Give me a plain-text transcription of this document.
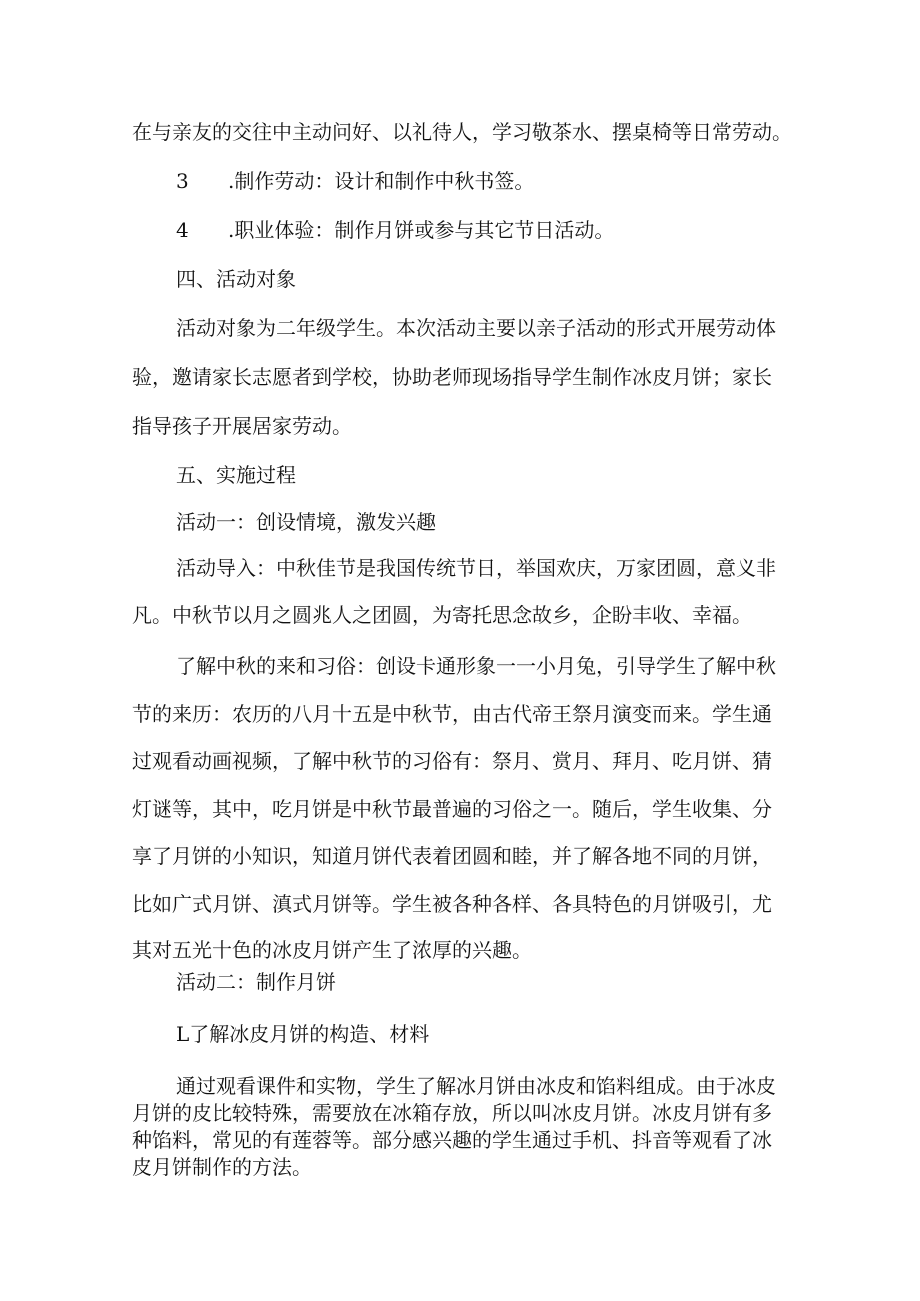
在与亲友的交往中主动问好、以礼待人，学习敬茶水、摆桌椅等日常劳动。

3 .制作劳动：设计和制作中秋书签。

4 .职业体验：制作月饼或参与其它节日活动。

四、活动对象

活动对象为二年级学生。本次活动主要以亲子活动的形式开展劳动体

验，邀请家长志愿者到学校，协助老师现场指导学生制作冰皮月饼；家长

指导孩子开展居家劳动。

五、实施过程

活动一：创设情境，激发兴趣

活动导入：中秋佳节是我国传统节日，举国欢庆，万家团圆，意义非

凡。中秋节以月之圆兆人之团圆，为寄托思念故乡，企盼丰收、幸福。

了解中秋的来和习俗：创设卡通形象一一小月兔，引导学生了解中秋

节的来历：农历的八月十五是中秋节，由古代帝王祭月演变而来。学生通

过观看动画视频，了解中秋节的习俗有：祭月、赏月、拜月、吃月饼、猜

灯谜等，其中，吃月饼是中秋节最普遍的习俗之一。随后，学生收集、分

享了月饼的小知识，知道月饼代表着团圆和睦，并了解各地不同的月饼，

比如广式月饼、滇式月饼等。学生被各种各样、各具特色的月饼吸引，尤

其对五光十色的冰皮月饼产生了浓厚的兴趣。

活动二：制作月饼

L了解冰皮月饼的构造、材料

通过观看课件和实物，学生了解冰月饼由冰皮和馅料组成。由于冰皮

月饼的皮比较特殊，需要放在冰箱存放，所以叫冰皮月饼。冰皮月饼有多

种馅料，常见的有莲蓉等。部分感兴趣的学生通过手机、抖音等观看了冰

皮月饼制作的方法。
